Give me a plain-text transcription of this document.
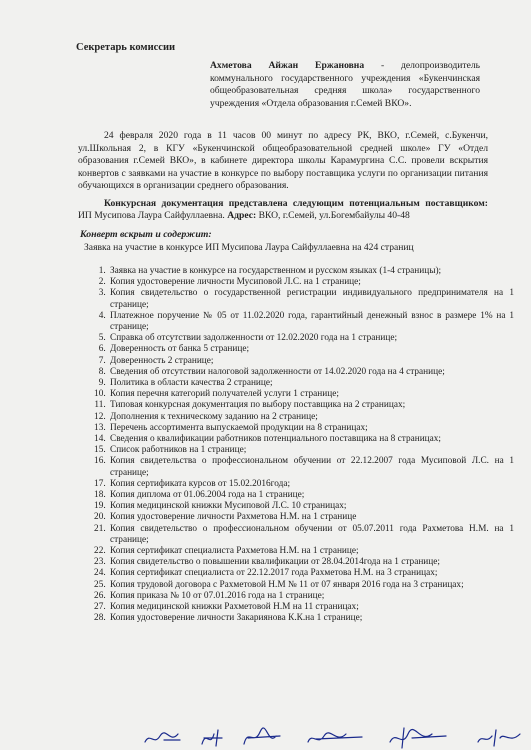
Секретарь комиссии
Ахметова Айжан Ержановна - делопроизводитель коммунального государственного учреждения «Букенчинская общеобразовательная средняя школа» государственного учреждения «Отдела образования г.Семей ВКО».
24 февраля 2020 года в 11 часов 00 минут по адресу РК, ВКО, г.Семей, с.Букенчи, ул.Школьная 2, в КГУ «Букенчинской общеобразовательной средней школе» ГУ «Отдел образования г.Семей ВКО», в кабинете директора школы Карамургина С.С. провели вскрытия конвертов с заявками на участие в конкурсе по выбору поставщика услуги по организации питания обучающихся в организации среднего образования.
Конкурсная документация представлена следующим потенциальным поставщиком: ИП Мусипова Лаура Сайфуллаевна. Адрес: ВКО, г.Семей, ул.Богембайулы 40-48
Конверт вскрыт и содержит:
Заявка на участие в конкурсе ИП Мусипова Лаура Сайфуллаевна на 424 страниц
1. Заявка на участие в конкурсе на государственном и русском языках (1-4 страницы);
2. Копия удостоверение личности Мусиповой Л.С. на 1 странице;
3. Копия свидетельство о государственной регистрации индивидуального предпринимателя на 1 странице;
4. Платежное поручение № 05 от 11.02.2020 года, гарантийный денежный взнос в размере 1% на 1 странице;
5. Справка об отсутствии задолженности от 12.02.2020 года на 1 странице;
6. Доверенность от банка 5 странице;
7. Доверенность 2 странице;
8. Сведения об отсутствии налоговой задолженности от 14.02.2020 года на 4 странице;
9. Политика в области качества 2 странице;
10. Копия перечня категорий получателей услуги 1 странице;
11. Типовая конкурсная документация по выбору поставщика на 2 страницах;
12. Дополнения к техническому заданию на 2 странице;
13. Перечень ассортимента выпускаемой продукции на 8 страницах;
14. Сведения о квалификации работников потенциального поставщика на 8 страницах;
15. Список работников на 1 странице;
16. Копия свидетельства о профессиональном обучении от 22.12.2007 года Мусиповой Л.С. на 1 странице;
17. Копия сертификата курсов от 15.02.2016года;
18. Копия диплома от 01.06.2004 года на 1 странице;
19. Копия медицинской книжки Мусиповой Л.С. 10 страницах;
20. Копия удостоверение личности Рахметова Н.М. на 1 странице
21. Копия свидетельство о профессиональном обучении от 05.07.2011 года Рахметова Н.М. на 1 странице;
22. Копия сертификат специалиста Рахметова Н.М. на 1 странице;
23. Копия свидетельство о повышении квалификации от 28.04.2014года на 1 странице;
24. Копия сертификат специалиста от 22.12.2017 года Рахметова Н.М. на 3 страницах;
25. Копия трудовой договора с Рахметовой Н.М № 11 от 07 января 2016 года на 3 страницах;
26. Копия приказа № 10 от 07.01.2016 года на 1 странице;
27. Копия медицинской книжки Рахметовой Н.М на 11 страницах;
28. Копия удостоверение личности Закариянова К.К.на 1 странице;
